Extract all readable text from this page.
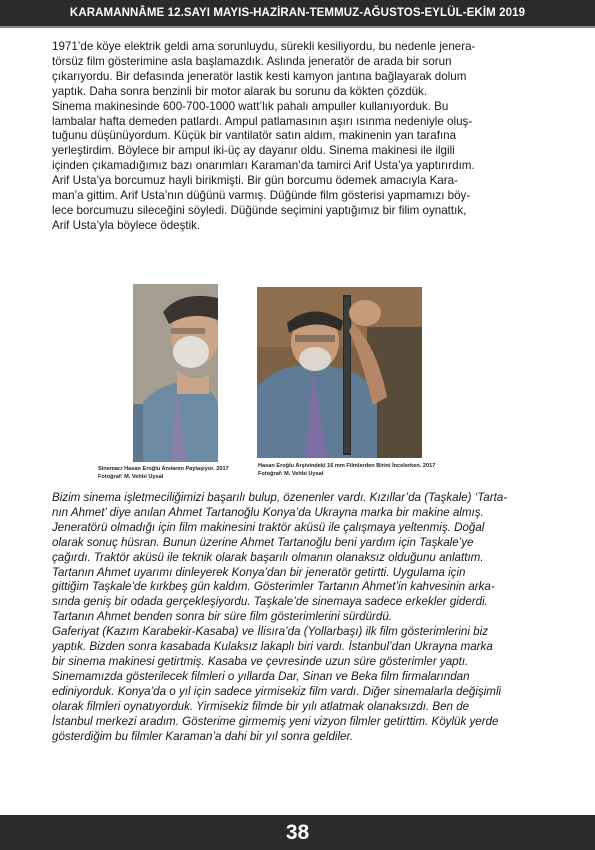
KARAMANNÂME 12.SAYI MAYIS-HAZİRAN-TEMMUZ-AĞUSTOS-EYLÜL-EKİM 2019

1971’de köye elektrik geldi ama sorunluydu, sürekli kesiliyordu, bu nedenle jenera-

törsüz film gösterimine asla başlamazdık. Aslında jeneratör de arada bir sorun

çıkarıyordu. Bir defasında jeneratör lastik kesti kamyon jantına bağlayarak dolum

yaptık. Daha sonra benzinli bir motor alarak bu sorunu da kökten çözdük.

Sinema makinesinde 600-700-1000 watt’lık pahalı ampuller kullanıyorduk. Bu

lambalar hafta demeden patlardı. Ampul patlamasının aşırı ısınma nedeniyle oluş-

tuğunu düşünüyordum. Küçük bir vantilatör satın aldım, makinenin yan tarafına

yerleştirdim. Böylece bir ampul iki-üç ay dayanır oldu. Sinema makinesi ile ilgili

içinden çıkamadığımız bazı onarımları Karaman’da tamirci Arif Usta’ya yaptırırdım.

Arif Usta’ya borcumuz hayli birikmişti. Bir gün borcumu ödemek amacıyla Kara-

man’a gittim. Arif Usta’nın düğünü varmış. Düğünde film gösterisi yapmamızı böy-

lece borcumuzu sileceğini söyledi. Düğünde seçimini yaptığımız bir filim oynattık,

Arif Usta’yla böylece ödeştik.

Sinemacı Hasan Eroğlu Anılarını Paylaşıyor. 2017
Fotoğraf: M. Vehbi Uysal
Hasan Eroğlu Arşivindeki 16 mm Filmlerden Birini İncelerken. 2017
Fotoğraf: M. Vehbi Uysal

Bizim sinema işletmeciliğimizi başarılı bulup, özenenler vardı. Kızıllar’da (Taşkale) ‘Tarta-

nın Ahmet’ diye anılan Ahmet Tartanoğlu Konya’da Ukrayna marka bir makine almış.

Jeneratörü olmadığı için film makinesini traktör aküsü ile çalışmaya yeltenmiş. Doğal

olarak sonuç hüsran. Bunun üzerine Ahmet Tartanoğlu beni yardım için Taşkale’ye

çağırdı. Traktör aküsü ile teknik olarak başarılı olmanın olanaksız olduğunu anlattım.

Tartanın Ahmet uyarımı dinleyerek Konya’dan bir jeneratör getirtti. Uygulama için

gittiğim Taşkale’de kırkbeş gün kaldım. Gösterimler Tartanın Ahmet’in kahvesinin arka-

sında geniş bir odada gerçekleşiyordu. Taşkale’de sinemaya sadece erkekler giderdi.

Tartanın Ahmet benden sonra bir süre film gösterimlerini sürdürdü.

Gaferiyat (Kazım Karabekir-Kasaba) ve İlisıra’da (Yollarbaşı) ilk film gösterimlerini biz

yaptık. Bizden sonra kasabada Kulaksız lakaplı biri vardı. İstanbul’dan Ukrayna marka

bir sinema makinesi getirtmiş. Kasaba ve çevresinde uzun süre gösterimler yaptı.

Sinemamızda gösterilecek filmleri o yıllarda Dar, Sinan ve Beka film firmalarından

ediniyorduk. Konya’da o yıl için sadece yirmisekiz film vardı. Diğer sinemalarla değişimli

olarak filmleri oynatıyorduk. Yirmisekiz filmde bir yılı atlatmak olanaksızdı. Ben de

İstanbul merkezi aradım. Gösterime girmemiş yeni vizyon filmler getirttim. Köylük yerde

gösterdiğim bu filmler Karaman’a dahi bir yıl sonra geldiler.

38
